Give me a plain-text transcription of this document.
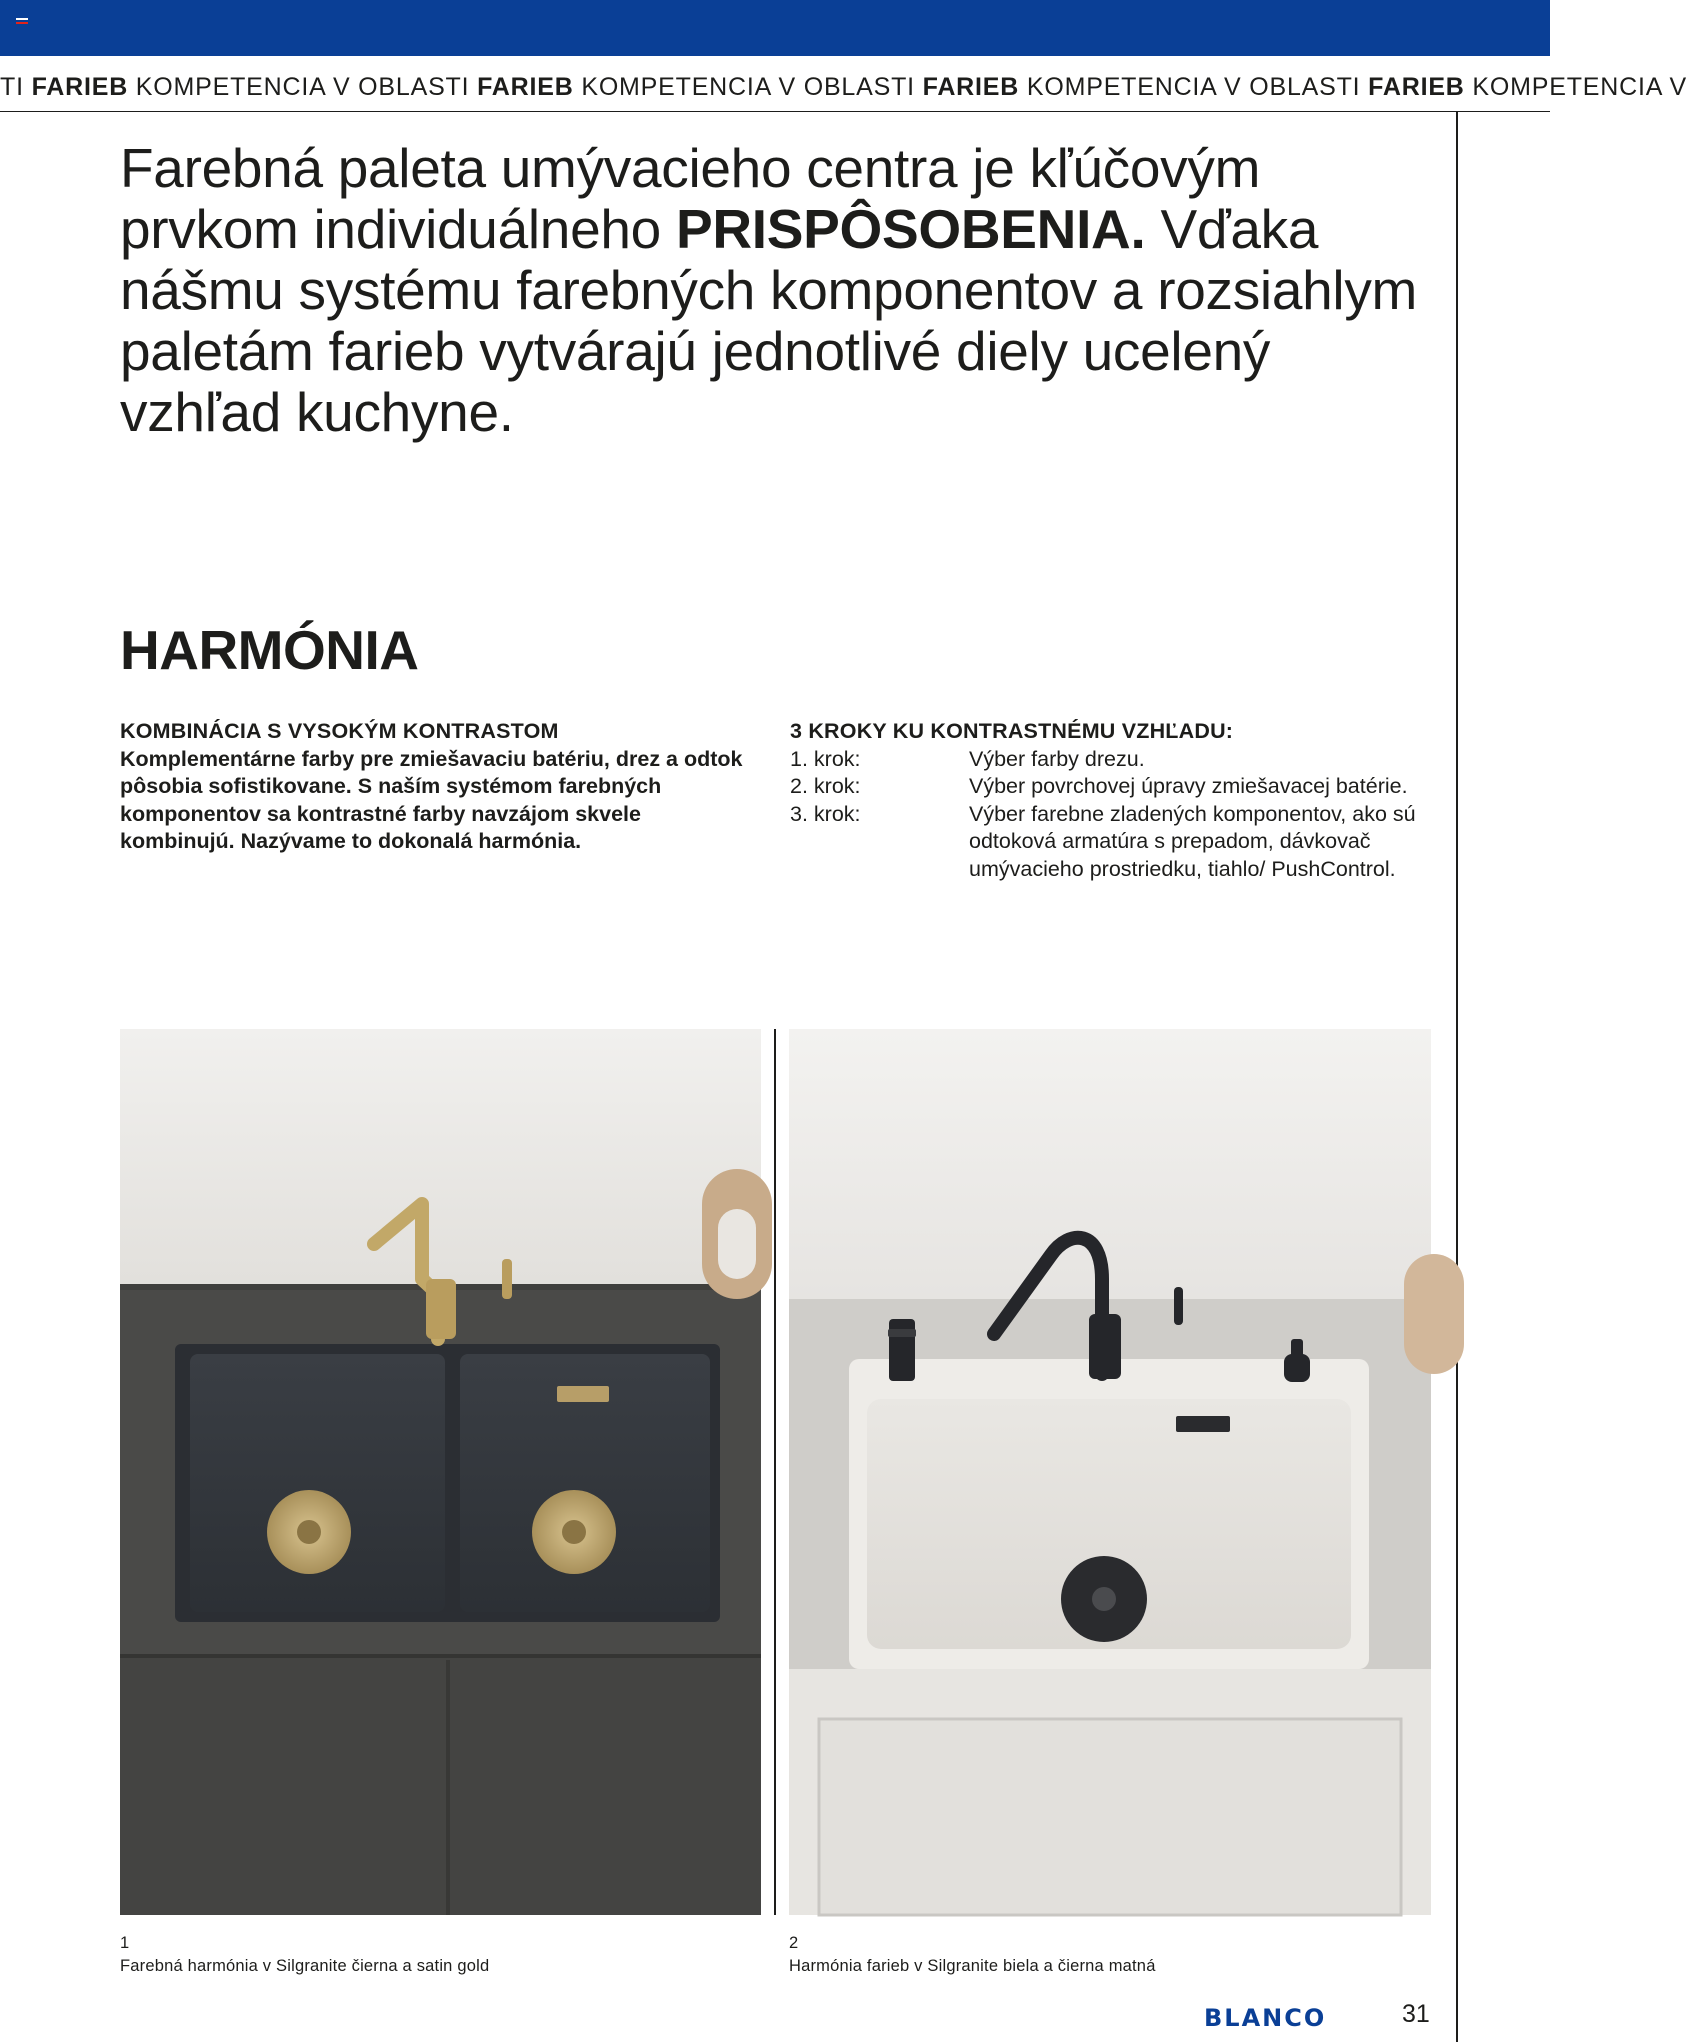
TI FARIEB KOMPETENCIA V OBLASTI FARIEB KOMPETENCIA V OBLASTI FARIEB KOMPETENCIA V OBLASTI FARIEB KOMPETENCIA V
Farebná paleta umývacieho centra je kľúčovým prvkom individuálneho PRISPÔSOBENIA. Vďaka nášmu systému farebných komponentov a rozsiahlym paletám farieb vytvárajú jednotlivé diely ucelený vzhľad kuchyne.
HARMÓNIA
KOMBINÁCIA S VYSOKÝM KONTRASTOM
Komplementárne farby pre zmiešavaciu batériu, drez a odtok pôsobia sofistikovane. S naším systémom farebných komponentov sa kontrastné farby navzájom skvele kombinujú. Nazývame to dokonalá harmónia.
3 KROKY KU KONTRASTNÉMU VZHĽADU:
1. krok:	Výber farby drezu.
2. krok:	Výber povrchovej úpravy zmiešavacej batérie.
3. krok:	Výber farebne zladených komponentov, ako sú odtoková armatúra s prepadom, dávkovač umývacieho prostriedku, tiahlo/ PushControl.
1
Farebná harmónia v Silgranite čierna a satin gold
2
Harmónia farieb v Silgranite biela a čierna matná
BLANCO	31
